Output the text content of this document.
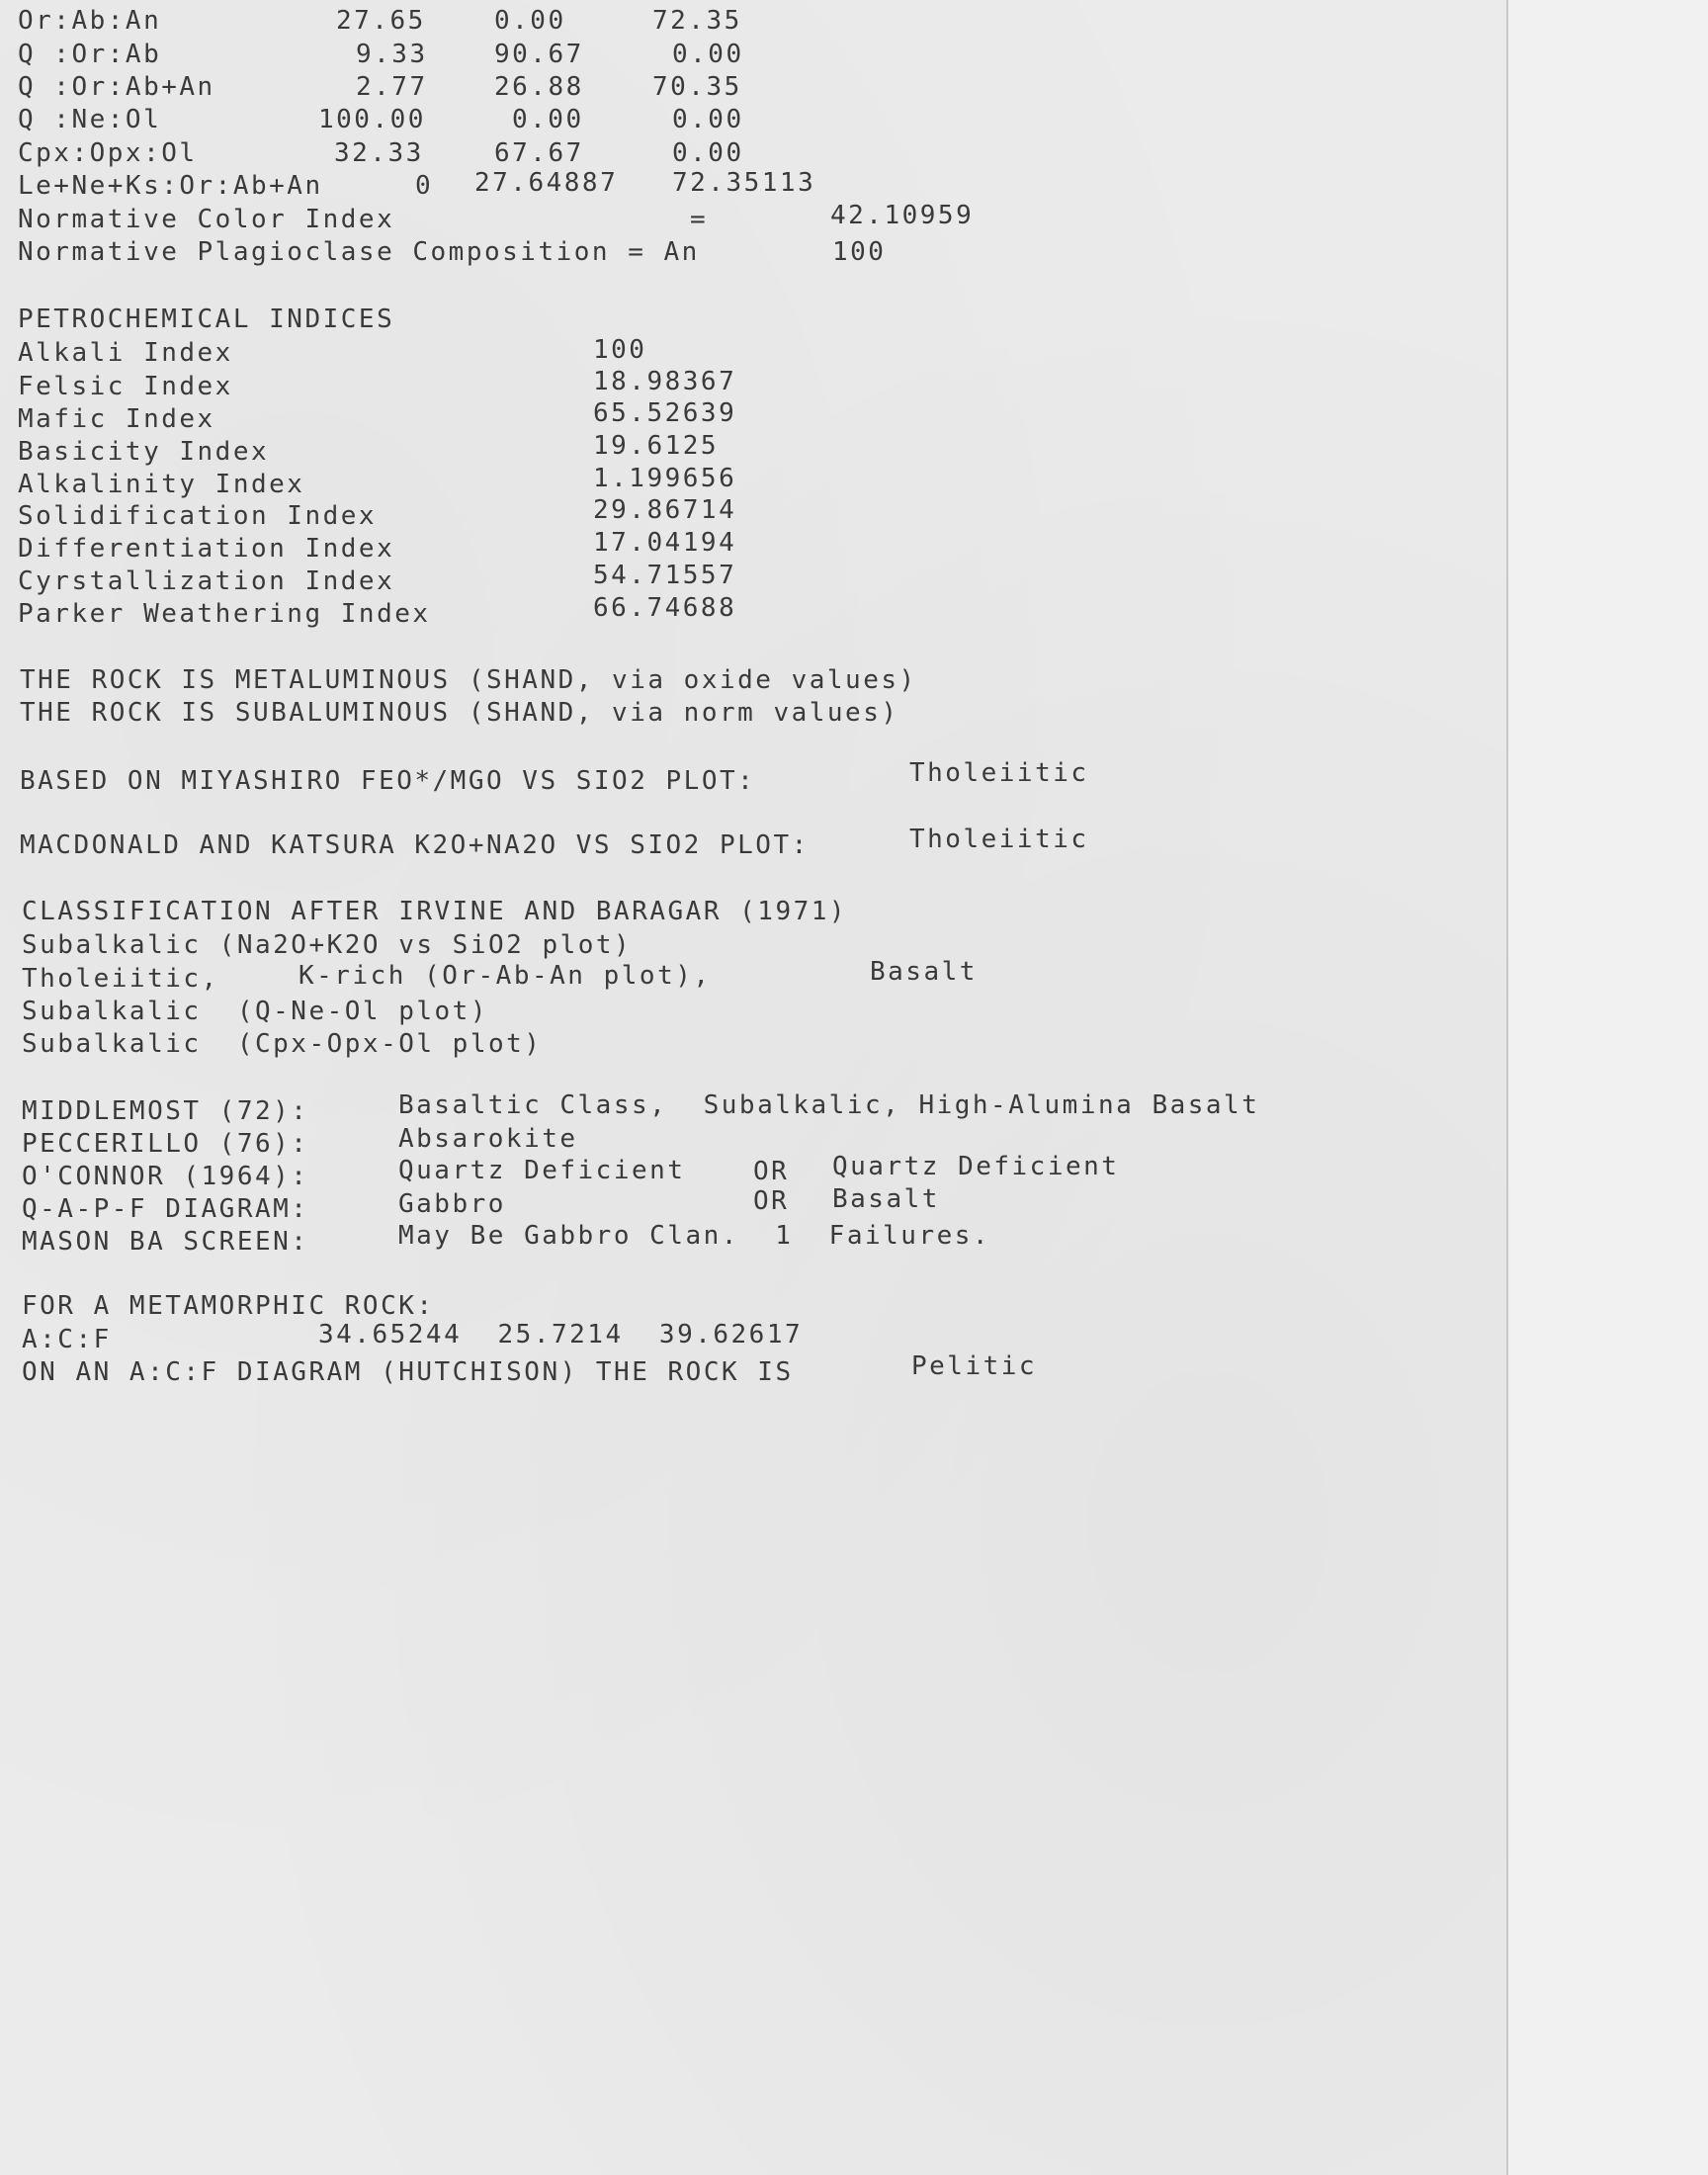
Or:Ab:An	27.65	0.00	72.35
Q :Or:Ab	9.33	90.67	0.00
Q :Or:Ab+An	2.77	26.88	70.35
Q :Ne:Ol	100.00	0.00	0.00
Cpx:Opx:Ol	32.33	67.67	0.00
Le+Ne+Ks:Or:Ab+An	0 27.64887 72.35113
Normative Color Index	=	42.10959
Normative Plagioclase Composition = An	100
PETROCHEMICAL INDICES
Alkali Index	100
Felsic Index	18.98367
Mafic Index	65.52639
Basicity Index	19.6125
Alkalinity Index	1.199656
Solidification Index	29.86714
Differentiation Index	17.04194
Cyrstallization Index	54.71557
Parker Weathering Index	66.74688
THE ROCK IS METALUMINOUS (SHAND, via oxide values)
THE ROCK IS SUBALUMINOUS (SHAND, via norm values)
BASED ON MIYASHIRO FEO*/MGO VS SIO2 PLOT:	Tholeiitic
MACDONALD AND KATSURA K2O+NA2O VS SIO2 PLOT:	Tholeiitic
CLASSIFICATION AFTER IRVINE AND BARAGAR (1971)
Subalkalic (Na2O+K2O vs SiO2 plot)
Tholeiitic,	K-rich (Or-Ab-An plot),	Basalt
Subalkalic  (Q-Ne-Ol plot)
Subalkalic  (Cpx-Opx-Ol plot)
MIDDLEMOST (72):	Basaltic Class,  Subalkalic, High-Alumina Basalt
PECCERILLO (76):	Absarokite
O'CONNOR (1964):	Quartz Deficient	OR Quartz Deficient
Q-A-P-F DIAGRAM:	Gabbro	OR Basalt
MASON BA SCREEN:	May Be Gabbro Clan.  1  Failures.
FOR A METAMORPHIC ROCK:
A:C:F	34.65244  25.7214  39.62617
ON AN A:C:F DIAGRAM (HUTCHISON) THE ROCK IS	Pelitic
